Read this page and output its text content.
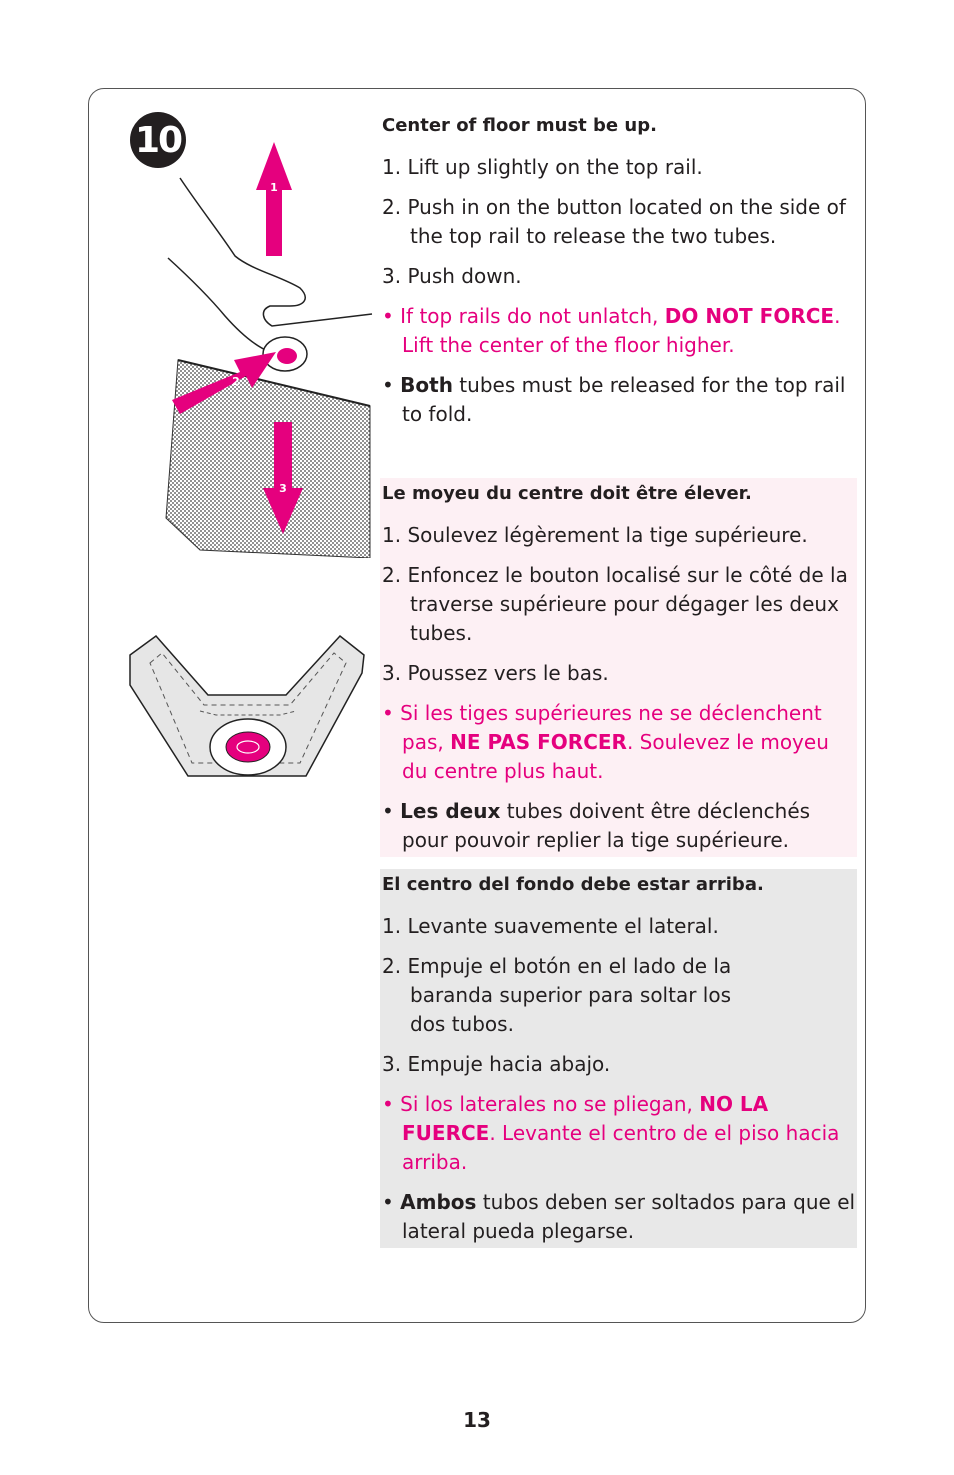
10
1
2
3

Center of floor must be up.

1. Lift up slightly on the top rail.
2. Push in on the button located on the side of the top rail to release the two tubes.
3. Push down.
• If top rails do not unlatch, DO NOT FORCE. Lift the center of the floor higher.
• Both tubes must be released for the top rail to fold.

Le moyeu du centre doit être élever.

1. Soulevez légèrement la tige supérieure.
2. Enfoncez le bouton localisé sur le côté de la traverse supérieure pour dégager les deux tubes.
3. Poussez vers le bas.
• Si les tiges supérieures ne se déclenchent pas, NE PAS FORCER. Soulevez le moyeu du centre plus haut.
• Les deux tubes doivent être déclenchés pour pouvoir replier la tige supérieure.

El centro del fondo debe estar arriba.

1. Levante suavemente el lateral.
2. Empuje el botón en el lado de la
baranda superior para soltar los
dos tubos.
3. Empuje hacia abajo.
• Si los laterales no se pliegan, NO LA FUERCE. Levante el centro de el piso hacia arriba.
• Ambos tubos deben ser soltados para que el lateral pueda plegarse.
13
